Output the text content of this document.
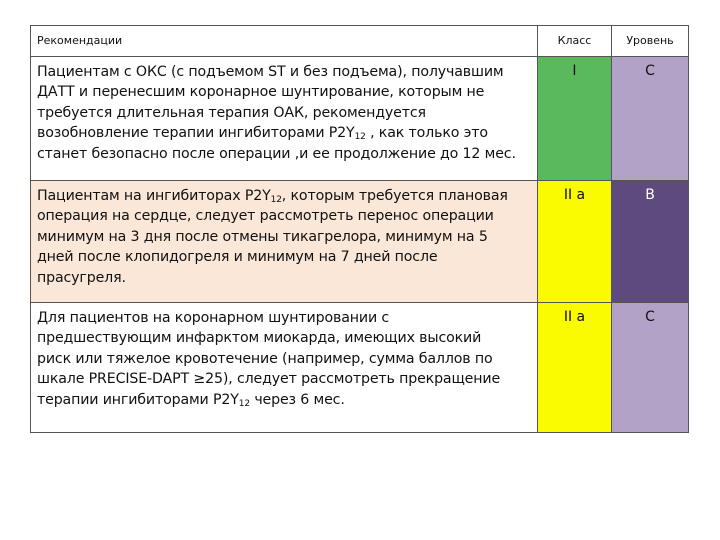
Рекомендации	Класс	Уровень

Пациентам с ОКС (с подъемом ST и без подъема), получавшим
ДАТТ и перенесшим коронарное шунтирование, которым не
требуется длительная терапия ОАК, рекомендуется
возобновление терапии ингибиторами $P2Y_{12}$ , как только это
станет безопасно после операции ,и ее продолжение до 12 мес.	I	C

Пациентам на ингибиторах $P2Y_{12}$, которым требуется плановая
операция на сердце, следует рассмотреть перенос операции
минимум на 3 дня после отмены тикагрелора, минимум на 5
дней после клопидогреля и минимум на 7 дней после
прасугреля.	II a	B

Для пациентов на коронарном шунтировании с
предшествующим инфарктом миокарда, имеющих высокий
риск или тяжелое кровотечение (например, сумма баллов по
шкале PRECISE-DAPT ≥25), следует рассмотреть прекращение
терапии ингибиторами $P2Y_{12}$ через 6 мес.	II a	C
